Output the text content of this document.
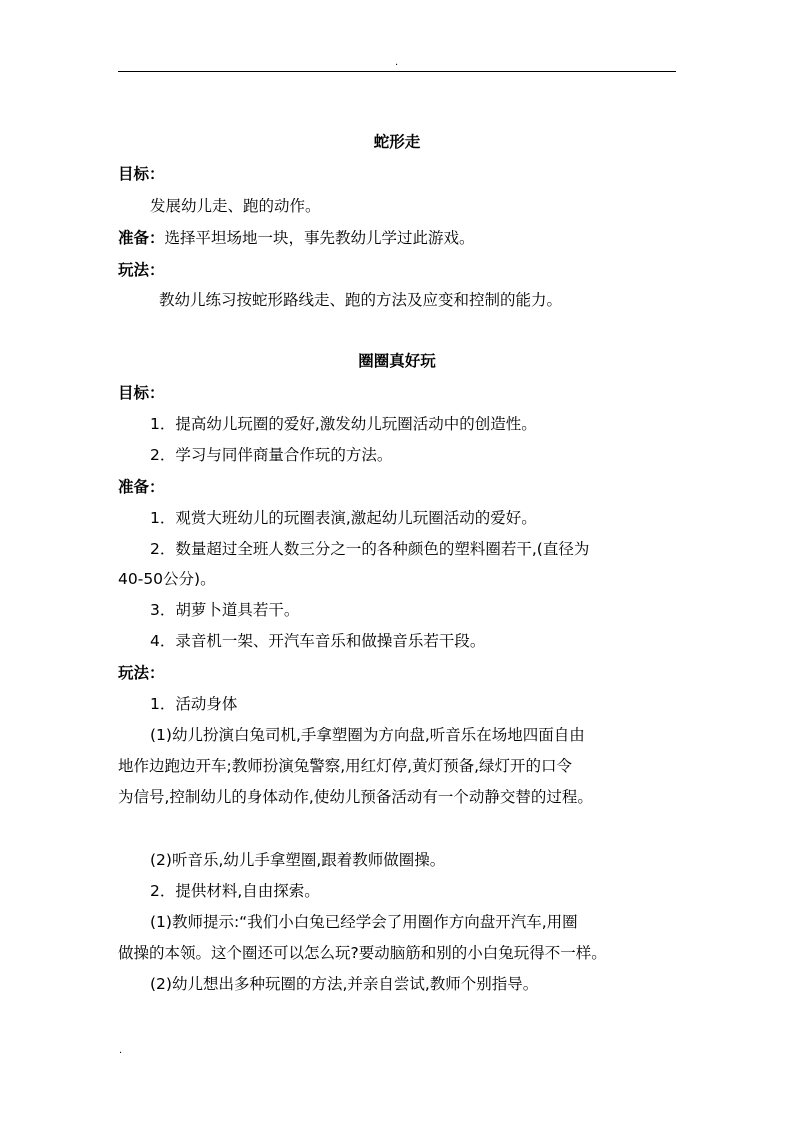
.
蛇形走
目标：
发展幼儿走、跑的动作。
准备：选择平坦场地一块，事先教幼儿学过此游戏。
玩法：
教幼儿练习按蛇形路线走、跑的方法及应变和控制的能力。
圈圈真好玩
目标：
1．提高幼儿玩圈的爱好,激发幼儿玩圈活动中的创造性。
2．学习与同伴商量合作玩的方法。
准备：
1．观赏大班幼儿的玩圈表演,激起幼儿玩圈活动的爱好。
2．数量超过全班人数三分之一的各种颜色的塑料圈若干,(直径为
40-50公分)。
3．胡萝卜道具若干。
4．录音机一架、开汽车音乐和做操音乐若干段。
玩法：
1．活动身体
(1)幼儿扮演白兔司机,手拿塑圈为方向盘,听音乐在场地四面自由
地作边跑边开车;教师扮演兔警察,用红灯停,黄灯预备,绿灯开的口令
为信号,控制幼儿的身体动作,使幼儿预备活动有一个动静交替的过程。
(2)听音乐,幼儿手拿塑圈,跟着教师做圈操。
2．提供材料,自由探索。
(1)教师提示:“我们小白兔已经学会了用圈作方向盘开汽车,用圈
做操的本领。这个圈还可以怎么玩?要动脑筋和别的小白兔玩得不一样。
(2)幼儿想出多种玩圈的方法,并亲自尝试,教师个别指导。
.
